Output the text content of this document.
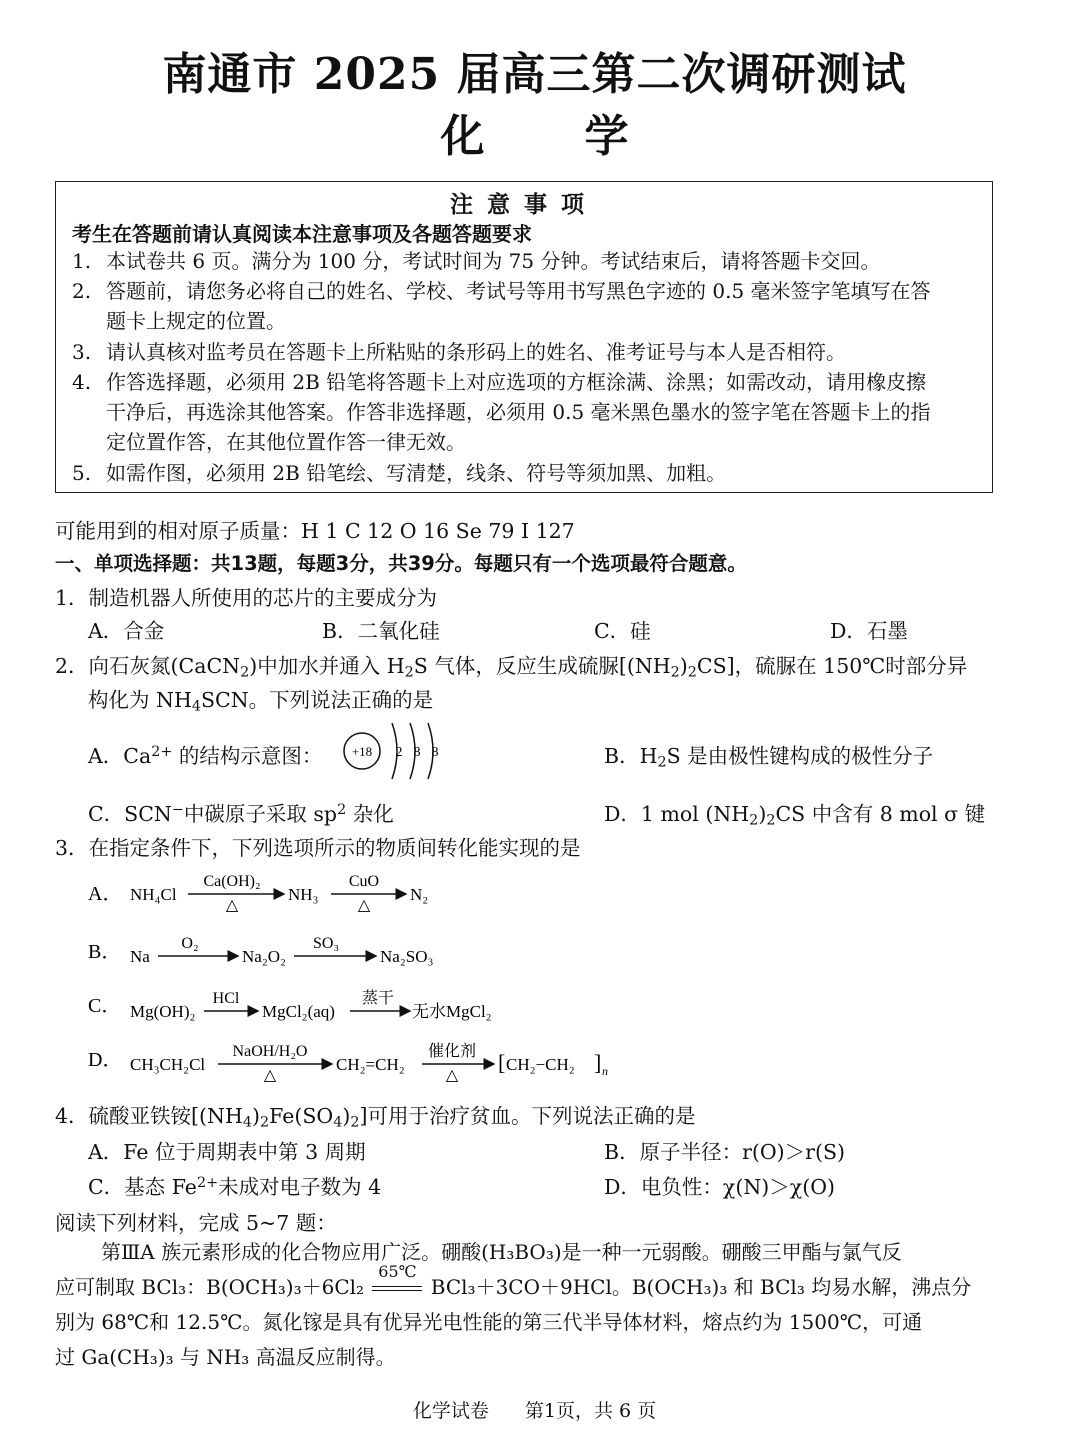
南通市 2025 届高三第二次调研测试
化 学
注意事项
考生在答题前请认真阅读本注意事项及各题答题要求
1. 本试卷共 6 页。满分为 100 分，考试时间为 75 分钟。考试结束后，请将答题卡交回。
2. 答题前，请您务必将自己的姓名、学校、考试号等用书写黑色字迹的 0.5 毫米签字笔填写在答
题卡上规定的位置。
3. 请认真核对监考员在答题卡上所粘贴的条形码上的姓名、准考证号与本人是否相符。
4. 作答选择题，必须用 2B 铅笔将答题卡上对应选项的方框涂满、涂黑；如需改动，请用橡皮擦
干净后，再选涂其他答案。作答非选择题，必须用 0.5 毫米黑色墨水的签字笔在答题卡上的指
定位置作答，在其他位置作答一律无效。
5. 如需作图，必须用 2B 铅笔绘、写清楚，线条、符号等须加黑、加粗。
可能用到的相对原子质量：H 1 C 12 O 16 Se 79 I 127
一、单项选择题：共13题，每题3分，共39分。每题只有一个选项最符合题意。
1．制造机器人所使用的芯片的主要成分为
A．合金	B．二氧化硅	C．硅	D．石墨
2．向石灰氮(CaCN$_2$)中加水并通入 $H_2S$ 气体，反应生成硫脲$[(NH_2)_2CS]$，硫脲在 150℃时部分异
构化为 $NH_4SCN$。下列说法正确的是
A．$Ca^{2+}$ 的结构示意图： +18 2 8 8	B．$H_2S$ 是由极性键构成的极性分子
C．SCN−中碳原子采取 $sp^2$ 杂化	D．1 mol $(NH_2)_2CS$ 中含有 8 mol σ 键
3．在指定条件下，下列选项所示的物质间转化能实现的是
A． NH₄Cl
Ca(OH)₂
△
NH₃
CuO
△
N₂
B． Na
O₂
Na₂O₂
SO₃
Na₂SO₃
C． Mg(OH)₂
HCl
MgCl₂(aq)
蒸干
无水MgCl₂
D． CH₃CH₂Cl
NaOH/H₂O
△
CH₂=CH₂
催化剂
△
[ CH₂−CH₂ ] n
4．硫酸亚铁铵$[(NH_4)_2Fe(SO_4)_2]$可用于治疗贫血。下列说法正确的是
A．Fe 位于周期表中第 3 周期	B．原子半径：r(O)＞r(S)
C．基态 $Fe^{2+}$未成对电子数为 4	D．电负性：χ(N)＞χ(O)
阅读下列材料，完成 5~7 题：
第ⅢA 族元素形成的化合物应用广泛。硼酸(H₃BO₃)是一种一元弱酸。硼酸三甲酯与氯气反
应可制取 BCl₃：B(OCH₃)₃＋6Cl₂
65℃
BCl₃＋3CO＋9HCl。B(OCH₃)₃ 和 BCl₃ 均易水解，沸点分
别为 68℃和 12.5℃。氮化镓是具有优异光电性能的第三代半导体材料，熔点约为 1500℃，可通
过 Ga(CH₃)₃ 与 NH₃ 高温反应制得。
化学试卷 第1页，共 6 页
